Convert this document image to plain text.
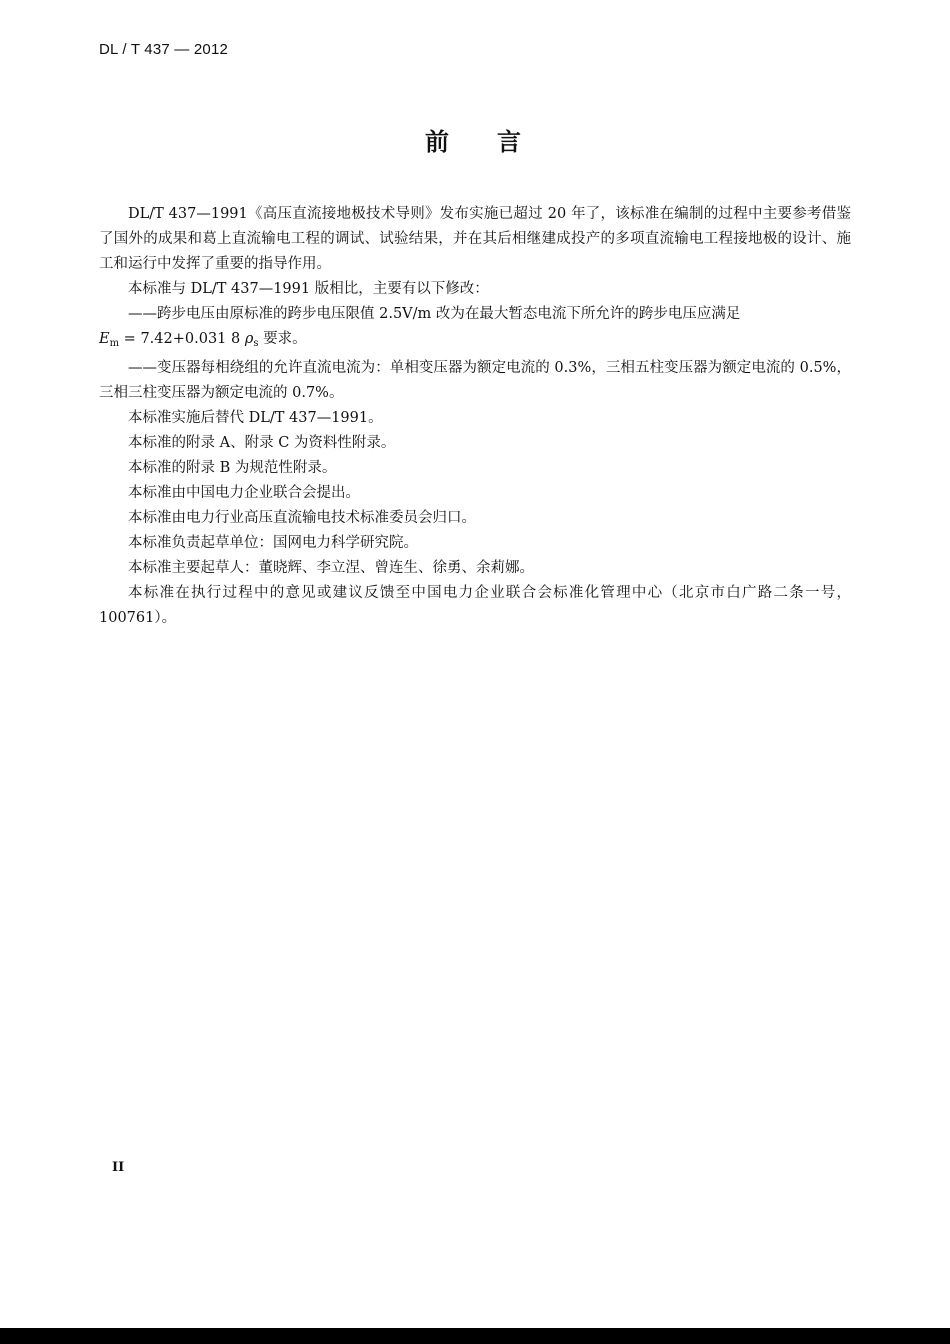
DL / T 437 — 2012
前 言

DL/T 437—1991《高压直流接地极技术导则》发布实施已超过 20 年了，该标准在编制的过程中主要参考借鉴了国外的成果和葛上直流输电工程的调试、试验结果，并在其后相继建成投产的多项直流输电工程接地极的设计、施工和运行中发挥了重要的指导作用。

本标准与 DL/T 437—1991 版相比，主要有以下修改：

——跨步电压由原标准的跨步电压限值 2.5V/m 改为在最大暂态电流下所允许的跨步电压应满足

$E_m = 7.42+0.031$ 8 $\rho_s$ 要求。

——变压器每相绕组的允许直流电流为：单相变压器为额定电流的 0.3%，三相五柱变压器为额定电流的 0.5%，三相三柱变压器为额定电流的 0.7%。

本标准实施后替代 DL/T 437—1991。

本标准的附录 A、附录 C 为资料性附录。

本标准的附录 B 为规范性附录。

本标准由中国电力企业联合会提出。

本标准由电力行业高压直流输电技术标准委员会归口。

本标准负责起草单位：国网电力科学研究院。

本标准主要起草人：董晓辉、李立涅、曾连生、徐勇、余莉娜。

本标准在执行过程中的意见或建议反馈至中国电力企业联合会标准化管理中心（北京市白广路二条一号，100761）。

II
